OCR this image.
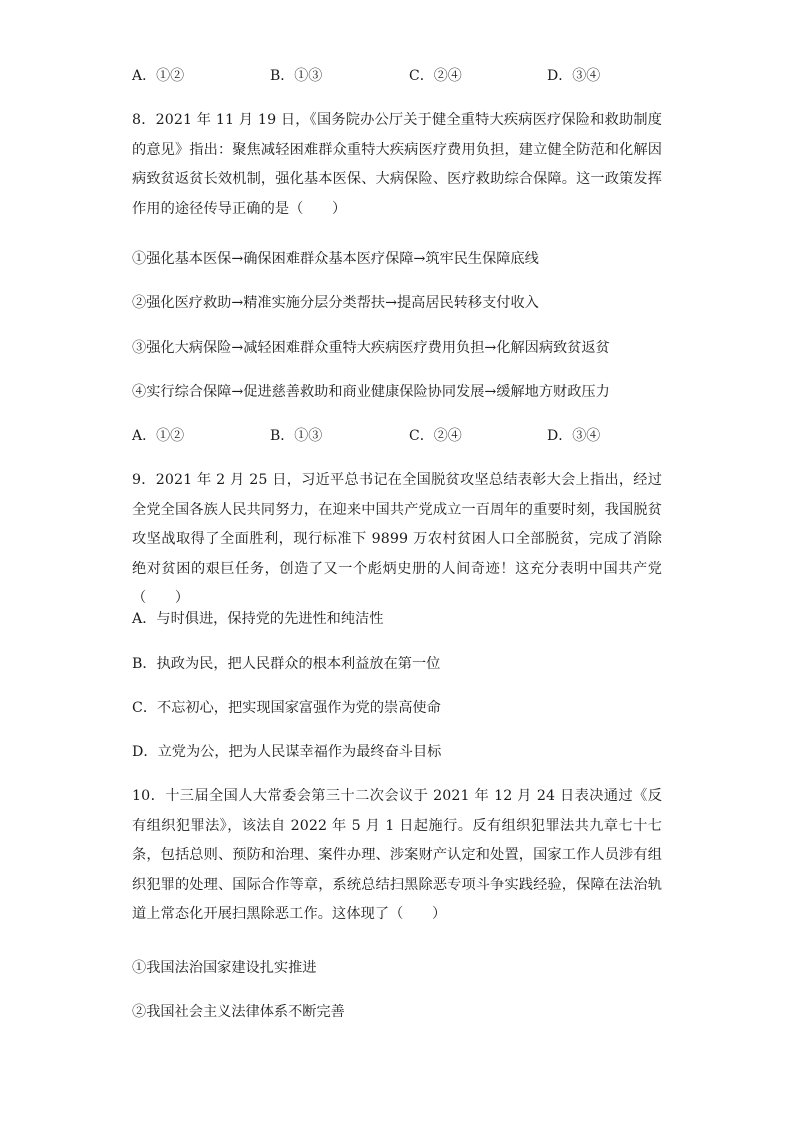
A．①②	B．①③	C．②④	D．③④
8．2021 年 11 月 19 日，《国务院办公厅关于健全重特大疾病医疗保险和救助制度的意见》指出：聚焦减轻困难群众重特大疾病医疗费用负担，建立健全防范和化解因病致贫返贫长效机制，强化基本医保、大病保险、医疗救助综合保障。这一政策发挥作用的途径传导正确的是（　　）
①强化基本医保→确保困难群众基本医疗保障→筑牢民生保障底线
②强化医疗救助→精准实施分层分类帮扶→提高居民转移支付收入
③强化大病保险→减轻困难群众重特大疾病医疗费用负担→化解因病致贫返贫
④实行综合保障→促进慈善救助和商业健康保险协同发展→缓解地方财政压力
A．①②	B．①③	C．②④	D．③④
9．2021 年 2 月 25 日，习近平总书记在全国脱贫攻坚总结表彰大会上指出，经过全党全国各族人民共同努力，在迎来中国共产党成立一百周年的重要时刻，我国脱贫攻坚战取得了全面胜利，现行标准下 9899 万农村贫困人口全部脱贫，完成了消除绝对贫困的艰巨任务，创造了又一个彪炳史册的人间奇迹！这充分表明中国共产党（　　）
A．与时俱进，保持党的先进性和纯洁性
B．执政为民，把人民群众的根本利益放在第一位
C．不忘初心，把实现国家富强作为党的崇高使命
D．立党为公，把为人民谋幸福作为最终奋斗目标
10．十三届全国人大常委会第三十二次会议于 2021 年 12 月 24 日表决通过《反有组织犯罪法》，该法自 2022 年 5 月 1 日起施行。反有组织犯罪法共九章七十七条，包括总则、预防和治理、案件办理、涉案财产认定和处置，国家工作人员涉有组织犯罪的处理、国际合作等章，系统总结扫黑除恶专项斗争实践经验，保障在法治轨道上常态化开展扫黑除恶工作。这体现了（　　）
①我国法治国家建设扎实推进
②我国社会主义法律体系不断完善
